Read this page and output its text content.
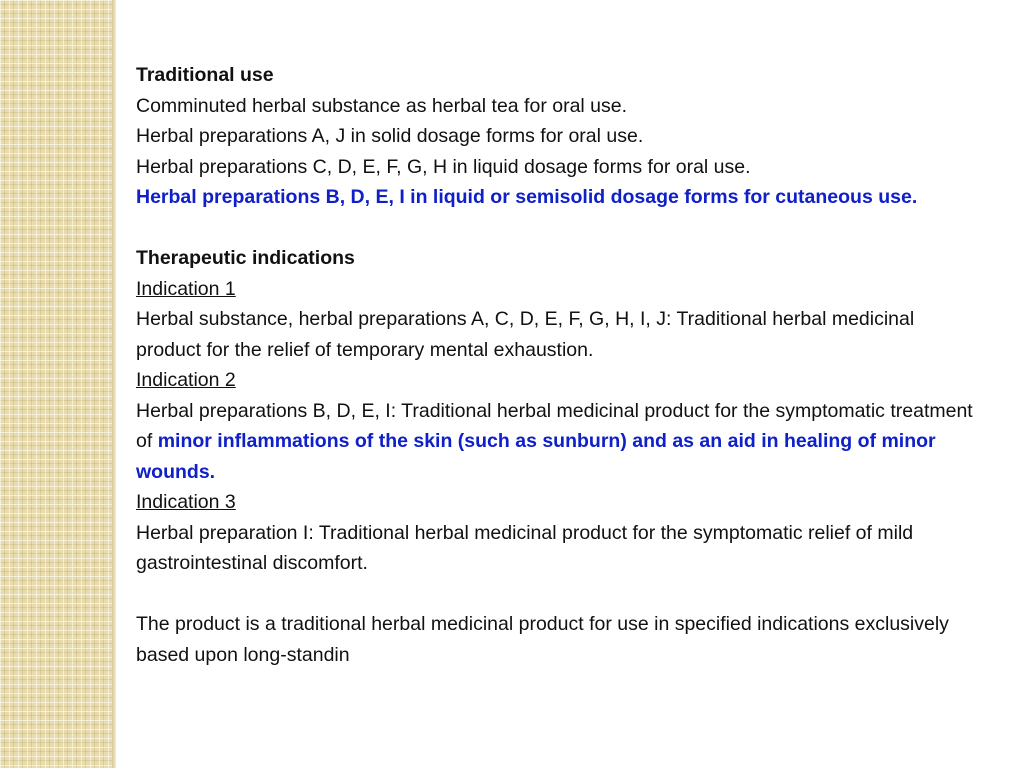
Traditional use

Comminuted herbal substance as herbal tea for oral use.

Herbal preparations A, J in solid dosage forms for oral use.

Herbal preparations C, D, E, F, G, H in liquid dosage forms for oral use.

Herbal preparations B, D, E, I in liquid or semisolid dosage forms for cutaneous use.

Therapeutic indications

Indication 1

Herbal substance, herbal preparations A, C, D, E, F, G, H, I, J: Traditional herbal medicinal product for the relief of temporary mental exhaustion.

Indication 2

Herbal preparations B, D, E, I: Traditional herbal medicinal product for the symptomatic treatment of minor inflammations of the skin (such as sunburn) and as an aid in healing of minor wounds.

Indication 3

Herbal preparation I: Traditional herbal medicinal product for the symptomatic relief of mild gastrointestinal discomfort.

The product is a traditional herbal medicinal product for use in specified indications exclusively based upon long-standin
